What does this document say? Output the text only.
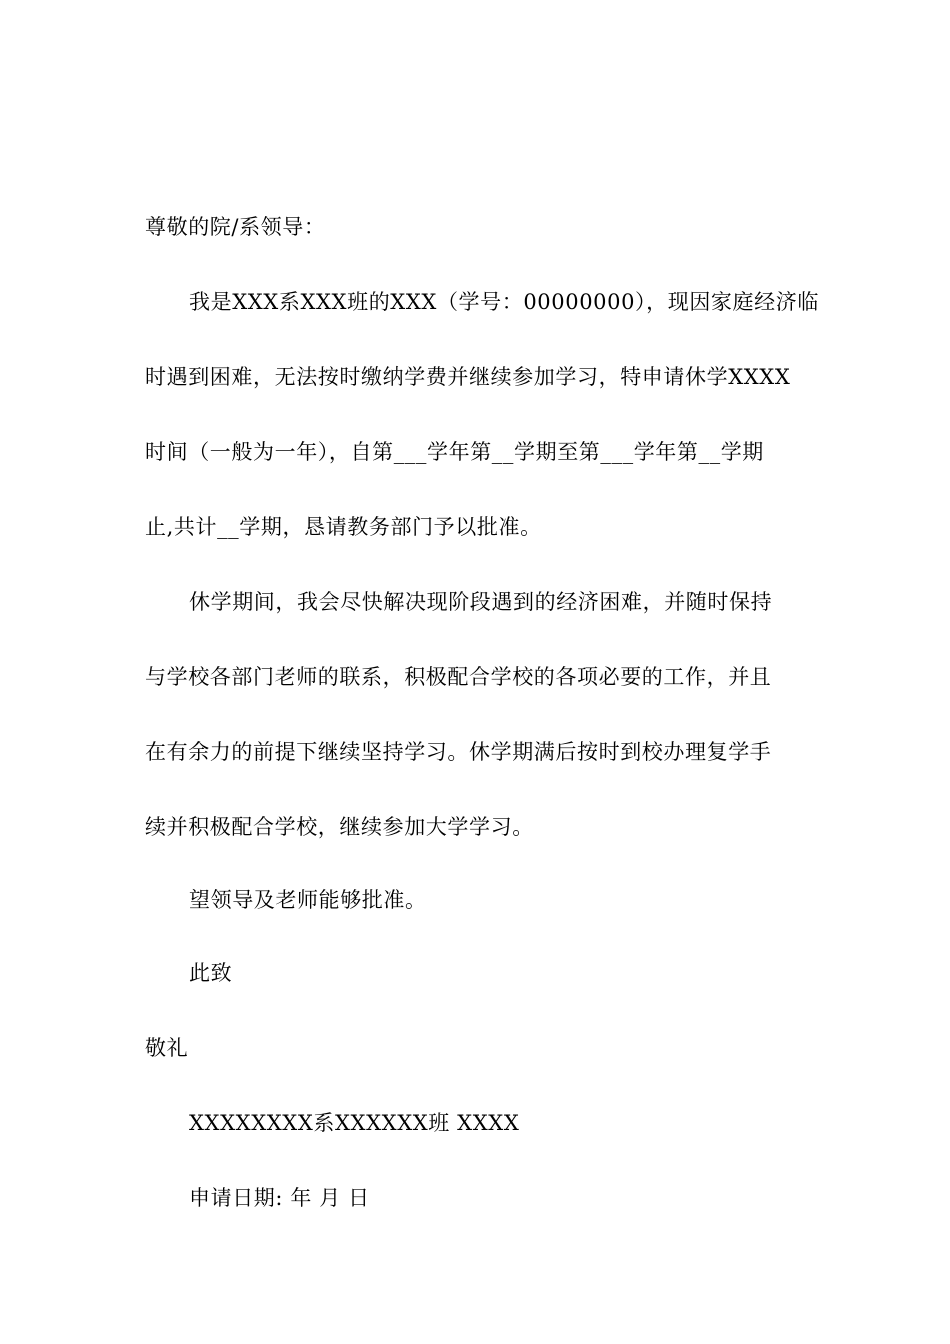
尊敬的院/系领导：
我是XXX系XXX班的XXX（学号：00000000），现因家庭经济临
时遇到困难，无法按时缴纳学费并继续参加学习，特申请休学XXXX
时间（一般为一年），自第___学年第__学期至第___学年第__学期
止,共计__学期，恳请教务部门予以批准。
休学期间，我会尽快解决现阶段遇到的经济困难，并随时保持
与学校各部门老师的联系，积极配合学校的各项必要的工作，并且
在有余力的前提下继续坚持学习。休学期满后按时到校办理复学手
续并积极配合学校，继续参加大学学习。
望领导及老师能够批准。
此致
敬礼
XXXXXXXX系XXXXXX班 XXXX
申请日期: 年 月 日
